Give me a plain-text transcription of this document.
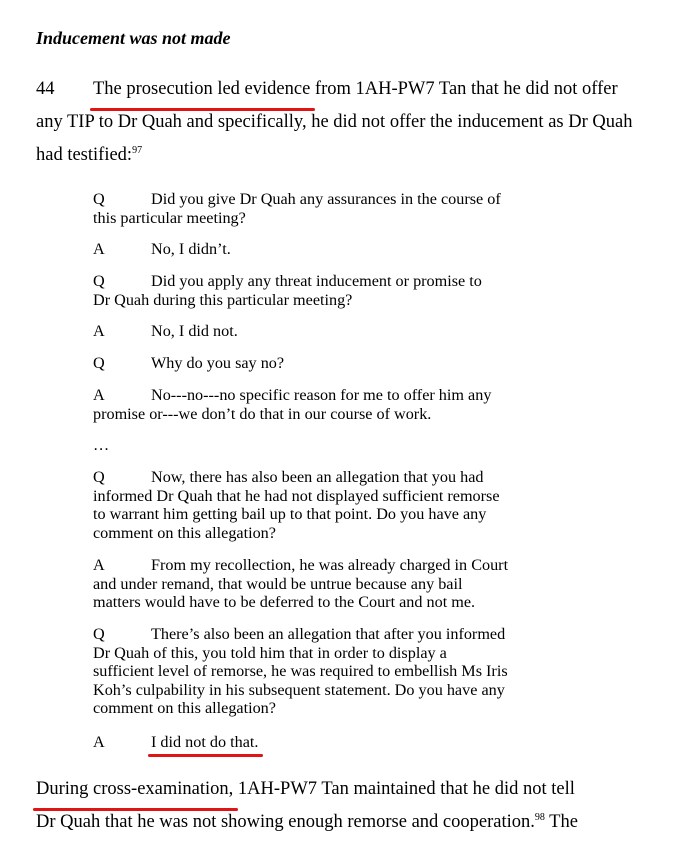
Inducement was not made
44 The prosecution led evidence from 1AH-PW7 Tan that he did not offer
any TIP to Dr Quah and specifically, he did not offer the inducement as Dr Quah
had testified:$^{97}$
Q	Did you give Dr Quah any assurances in the course of
this particular meeting?
A	No, I didn’t.
Q	Did you apply any threat inducement or promise to
Dr Quah during this particular meeting?
A	No, I did not.
Q	Why do you say no?
A	No---no---no specific reason for me to offer him any
promise or---we don’t do that in our course of work.
…
Q	Now, there has also been an allegation that you had
informed Dr Quah that he had not displayed sufficient remorse
to warrant him getting bail up to that point. Do you have any
comment on this allegation?
A	From my recollection, he was already charged in Court
and under remand, that would be untrue because any bail
matters would have to be deferred to the Court and not me.
Q	There’s also been an allegation that after you informed
Dr Quah of this, you told him that in order to display a
sufficient level of remorse, he was required to embellish Ms Iris
Koh’s culpability in his subsequent statement. Do you have any
comment on this allegation?
A	I did not do that.
During cross-examination, 1AH-PW7 Tan maintained that he did not tell
Dr Quah that he was not showing enough remorse and cooperation.$^{98}$ The
